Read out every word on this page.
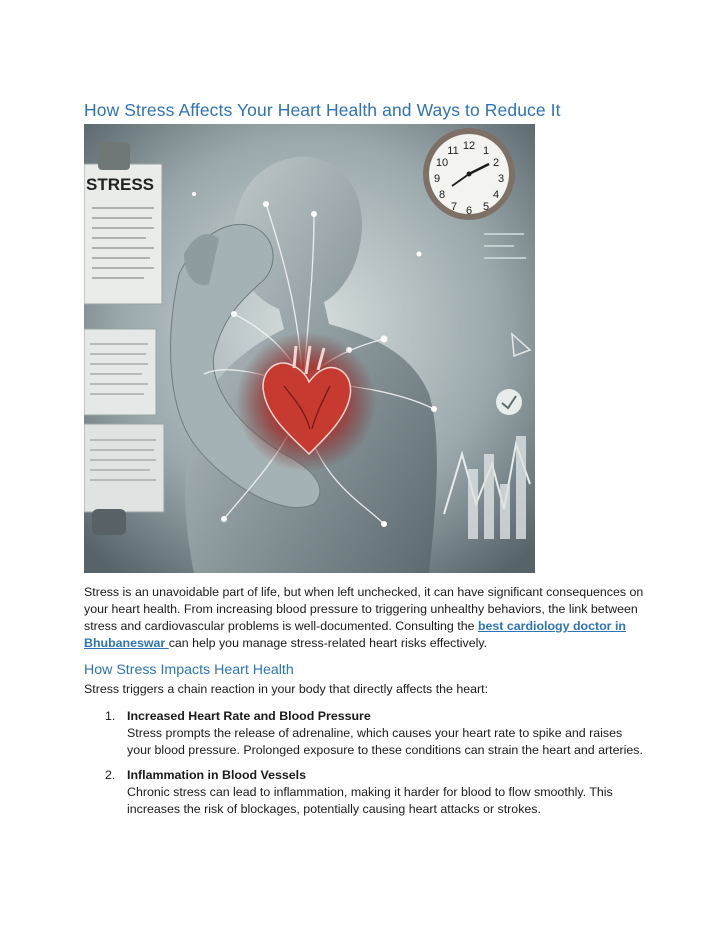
How Stress Affects Your Heart Health and Ways to Reduce It
STRESS
12 1
2
3
4
5
6
7
8
9
10
11
Stress is an unavoidable part of life, but when left unchecked, it can have significant consequences on your heart health. From increasing blood pressure to triggering unhealthy behaviors, the link between stress and cardiovascular problems is well-documented. Consulting the best cardiology doctor in Bhubaneswar can help you manage stress-related heart risks effectively.
How Stress Impacts Heart Health
Stress triggers a chain reaction in your body that directly affects the heart:
1. Increased Heart Rate and Blood Pressure
Stress prompts the release of adrenaline, which causes your heart rate to spike and raises your blood pressure. Prolonged exposure to these conditions can strain the heart and arteries.
2. Inflammation in Blood Vessels
Chronic stress can lead to inflammation, making it harder for blood to flow smoothly. This increases the risk of blockages, potentially causing heart attacks or strokes.
